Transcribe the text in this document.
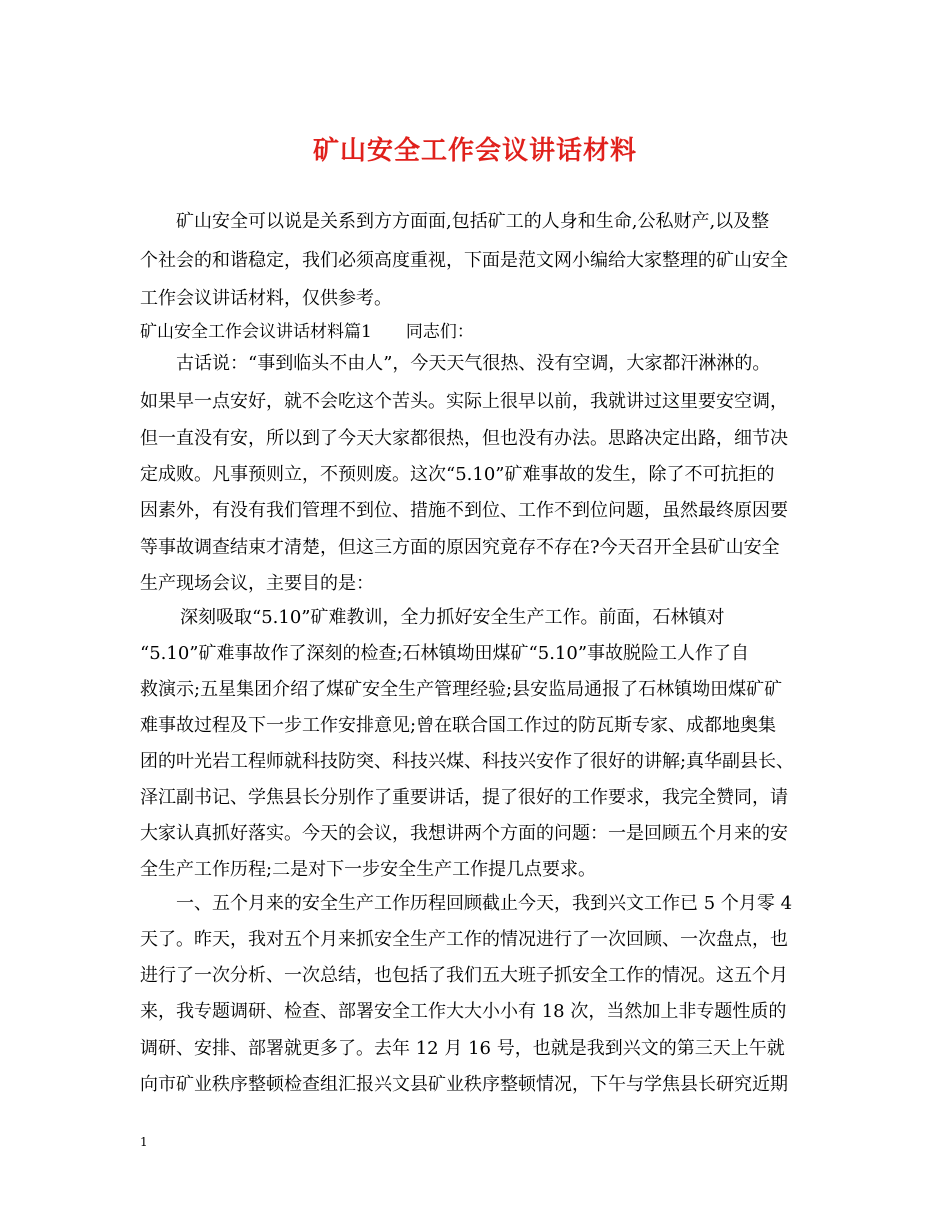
矿山安全工作会议讲话材料
矿山安全可以说是关系到方方面面,包括矿工的人身和生命,公私财产,以及整
个社会的和谐稳定，我们必须高度重视，下面是范文网小编给大家整理的矿山安全
工作会议讲话材料，仅供参考。
矿山安全工作会议讲话材料篇1　　同志们：
古话说：“事到临头不由人”，今天天气很热、没有空调，大家都汗淋淋的。
如果早一点安好，就不会吃这个苦头。实际上很早以前，我就讲过这里要安空调，
但一直没有安，所以到了今天大家都很热，但也没有办法。思路决定出路，细节决
定成败。凡事预则立，不预则废。这次“5.10”矿难事故的发生，除了不可抗拒的
因素外，有没有我们管理不到位、措施不到位、工作不到位问题，虽然最终原因要
等事故调查结束才清楚，但这三方面的原因究竟存不存在?今天召开全县矿山安全
生产现场会议，主要目的是：
深刻吸取“5.10”矿难教训，全力抓好安全生产工作。前面，石林镇对
“5.10”矿难事故作了深刻的检查;石林镇坳田煤矿“5.10”事故脱险工人作了自
救演示;五星集团介绍了煤矿安全生产管理经验;县安监局通报了石林镇坳田煤矿矿
难事故过程及下一步工作安排意见;曾在联合国工作过的防瓦斯专家、成都地奥集
团的叶光岩工程师就科技防突、科技兴煤、科技兴安作了很好的讲解;真华副县长、
泽江副书记、学焦县长分别作了重要讲话，提了很好的工作要求，我完全赞同，请
大家认真抓好落实。今天的会议，我想讲两个方面的问题：一是回顾五个月来的安
全生产工作历程;二是对下一步安全生产工作提几点要求。
一、五个月来的安全生产工作历程回顾截止今天，我到兴文工作已 5 个月零 4
天了。昨天，我对五个月来抓安全生产工作的情况进行了一次回顾、一次盘点，也
进行了一次分析、一次总结，也包括了我们五大班子抓安全工作的情况。这五个月
来，我专题调研、检查、部署安全工作大大小小有 18 次，当然加上非专题性质的
调研、安排、部署就更多了。去年 12 月 16 号，也就是我到兴文的第三天上午就
向市矿业秩序整顿检查组汇报兴文县矿业秩序整顿情况，下午与学焦县长研究近期
1
